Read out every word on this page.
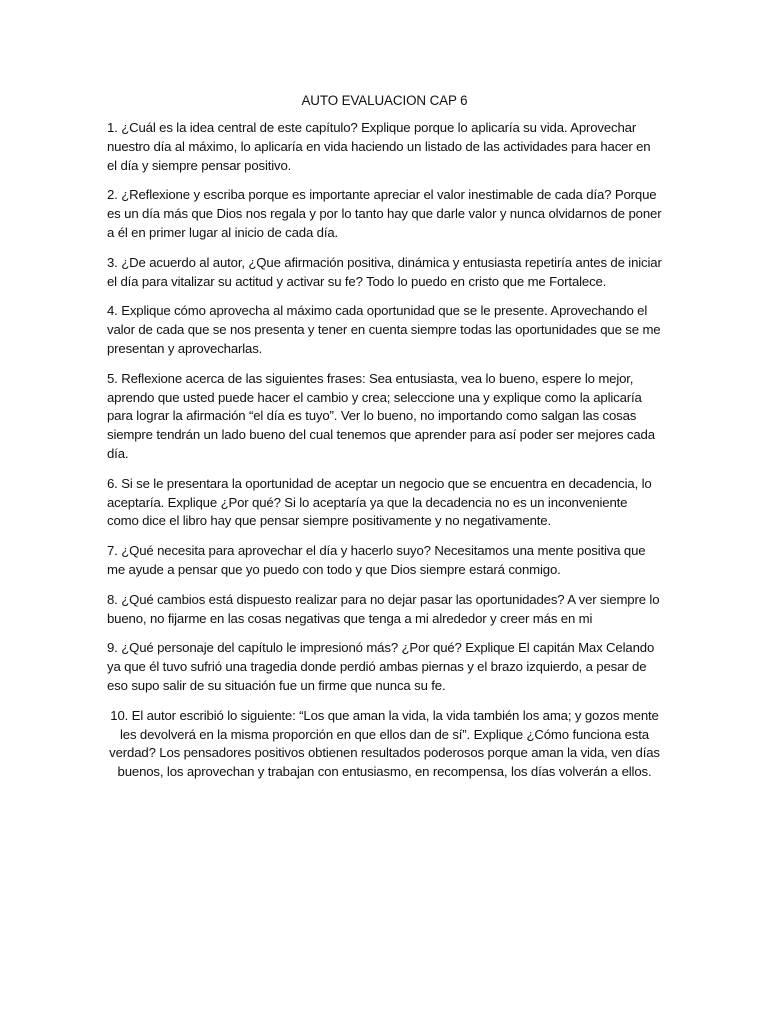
AUTO EVALUACION CAP 6

1. ¿Cuál es la idea central de este capítulo? Explique porque lo aplicaría su vida. Aprovechar nuestro día al máximo, lo aplicaría en vida haciendo un listado de las actividades para hacer en el día y siempre pensar positivo.

2. ¿Reflexione y escriba porque es importante apreciar el valor inestimable de cada día? Porque es un día más que Dios nos regala y por lo tanto hay que darle valor y nunca olvidarnos de poner a él en primer lugar al inicio de cada día.

3. ¿De acuerdo al autor, ¿Que afirmación positiva, dinámica y entusiasta repetiría antes de iniciar el día para vitalizar su actitud y activar su fe? Todo lo puedo en cristo que me Fortalece.

4. Explique cómo aprovecha al máximo cada oportunidad que se le presente. Aprovechando el valor de cada que se nos presenta y tener en cuenta siempre todas las oportunidades que se me presentan y aprovecharlas.

5. Reflexione acerca de las siguientes frases: Sea entusiasta, vea lo bueno, espere lo mejor, aprendo que usted puede hacer el cambio y crea; seleccione una y explique como la aplicaría para lograr la afirmación “el día es tuyo”. Ver lo bueno, no importando como salgan las cosas siempre tendrán un lado bueno del cual tenemos que aprender para así poder ser mejores cada día.

6. Si se le presentara la oportunidad de aceptar un negocio que se encuentra en decadencia, lo aceptaría. Explique ¿Por qué? Si lo aceptaría ya que la decadencia no es un inconveniente como dice el libro hay que pensar siempre positivamente y no negativamente.

7. ¿Qué necesita para aprovechar el día y hacerlo suyo? Necesitamos una mente positiva que me ayude a pensar que yo puedo con todo y que Dios siempre estará conmigo.

8. ¿Qué cambios está dispuesto realizar para no dejar pasar las oportunidades? A ver siempre lo bueno, no fijarme en las cosas negativas que tenga a mi alrededor y creer más en mi

9. ¿Qué personaje del capítulo le impresionó más? ¿Por qué? Explique El capitán Max Celando ya que él tuvo sufrió una tragedia donde perdió ambas piernas y el brazo izquierdo, a pesar de eso supo salir de su situación fue un firme que nunca su fe.

10. El autor escribió lo siguiente: “Los que aman la vida, la vida también los ama; y gozos mente les devolverá en la misma proporción en que ellos dan de sí”. Explique ¿Cómo funciona esta verdad? Los pensadores positivos obtienen resultados poderosos porque aman la vida, ven días buenos, los aprovechan y trabajan con entusiasmo, en recompensa, los días volverán a ellos.
